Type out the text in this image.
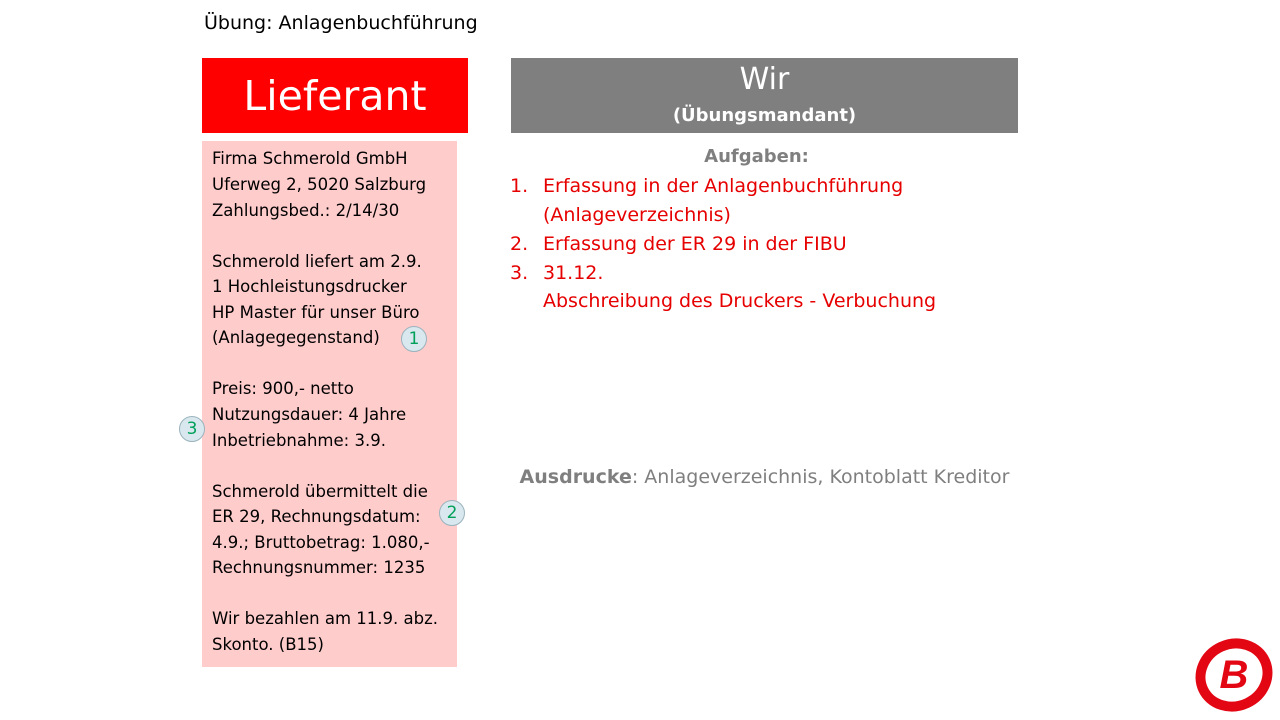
Übung: Anlagenbuchführung
Lieferant	Wir
(Übungsmandant)
Firma Schmerold GmbH
Uferweg 2, 5020 Salzburg
Zahlungsbed.: 2/14/30
Schmerold liefert am 2.9.
1 Hochleistungsdrucker
HP Master für unser Büro
(Anlagegegenstand)
Preis: 900,- netto
Nutzungsdauer: 4 Jahre
Inbetriebnahme: 3.9.
Schmerold übermittelt die
ER 29, Rechnungsdatum:
4.9.; Bruttobetrag: 1.080,-
Rechnungsnummer: 1235
Wir bezahlen am 11.9. abz.
Skonto. (B15)
1
2
3
Aufgaben:
1. Erfassung in der Anlagenbuchführung
(Anlageverzeichnis)
2. Erfassung der ER 29 in der FIBU
3. 31.12.
Abschreibung des Druckers - Verbuchung
Ausdrucke: Anlageverzeichnis, Kontoblatt Kreditor
B
